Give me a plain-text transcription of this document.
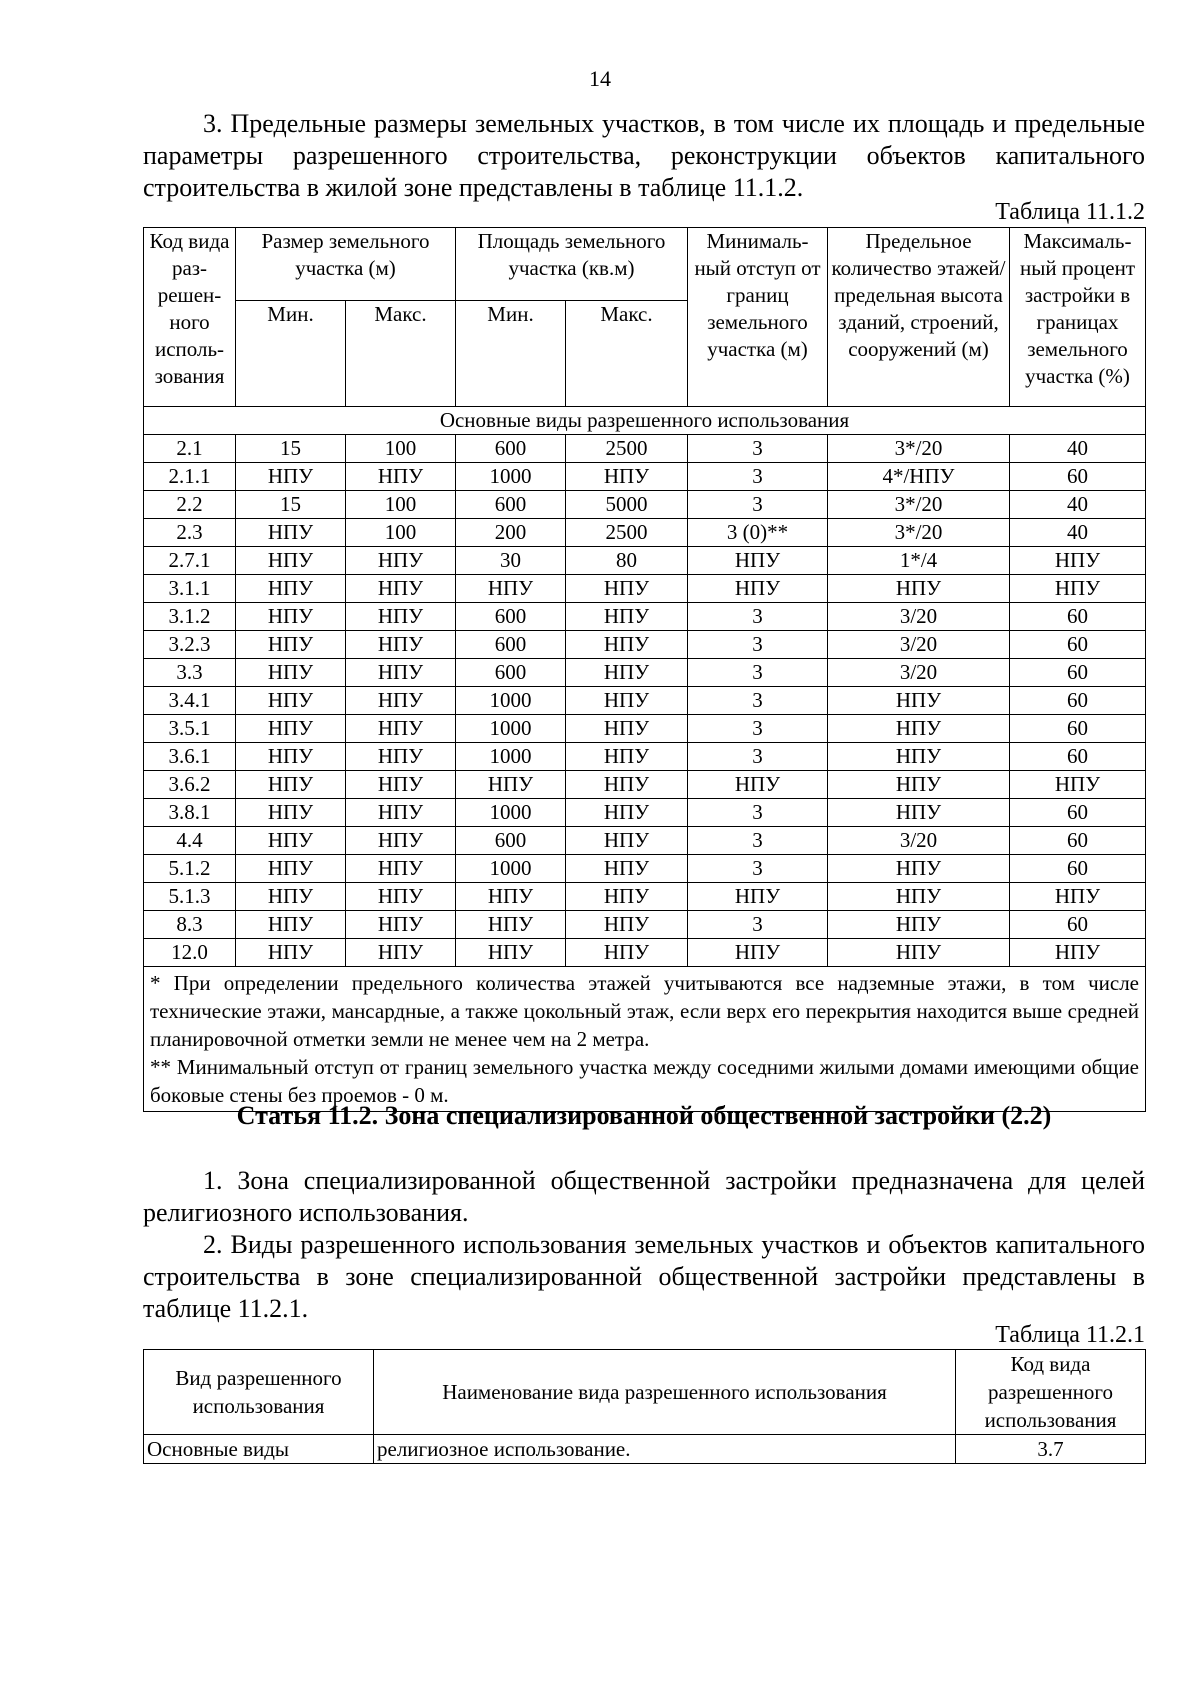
14
3. Предельные размеры земельных участков, в том числе их площадь и предельные параметры разрешенного строительства, реконструкции объектов капитального строительства в жилой зоне представлены в таблице 11.1.2.
Таблица 11.1.2
Код вида раз-решен-ного исполь-зования	Размер земельного участка (м)		Площадь земельного участка (кв.м)		Минималь-ный отступ от границ земельного участка (м)	Предельное количество этажей/ предельная высота зданий, строений, сооружений (м)	Максималь-ный процент застройки в границах земельного участка (%)
	Мин.	Макс.	Мин.	Макс.			
Основные виды разрешенного использования							
2.1	15	100	600	2500	3	3*/20	40
2.1.1	НПУ	НПУ	1000	НПУ	3	4*/НПУ	60
2.2	15	100	600	5000	3	3*/20	40
2.3	НПУ	100	200	2500	3 (0)**	3*/20	40
2.7.1	НПУ	НПУ	30	80	НПУ	1*/4	НПУ
3.1.1	НПУ	НПУ	НПУ	НПУ	НПУ	НПУ	НПУ
3.1.2	НПУ	НПУ	600	НПУ	3	3/20	60
3.2.3	НПУ	НПУ	600	НПУ	3	3/20	60
3.3	НПУ	НПУ	600	НПУ	3	3/20	60
3.4.1	НПУ	НПУ	1000	НПУ	3	НПУ	60
3.5.1	НПУ	НПУ	1000	НПУ	3	НПУ	60
3.6.1	НПУ	НПУ	1000	НПУ	3	НПУ	60
3.6.2	НПУ	НПУ	НПУ	НПУ	НПУ	НПУ	НПУ
3.8.1	НПУ	НПУ	1000	НПУ	3	НПУ	60
4.4	НПУ	НПУ	600	НПУ	3	3/20	60
5.1.2	НПУ	НПУ	1000	НПУ	3	НПУ	60
5.1.3	НПУ	НПУ	НПУ	НПУ	НПУ	НПУ	НПУ
8.3	НПУ	НПУ	НПУ	НПУ	3	НПУ	60
12.0	НПУ	НПУ	НПУ	НПУ	НПУ	НПУ	НПУ

* При определении предельного количества этажей учитываются все надземные этажи, в том числе технические этажи, мансардные, а также цокольный этаж, если верх его перекрытия находится выше средней планировочной отметки земли не менее чем на 2 метра.
** Минимальный отступ от границ земельного участка между соседними жилыми домами имеющими общие боковые стены без проемов - 0 м.							
Статья 11.2. Зона специализированной общественной застройки (2.2)
1. Зона специализированной общественной застройки предназначена для целей религиозного использования.
2. Виды разрешенного использования земельных участков и объектов капитального строительства в зоне специализированной общественной застройки представлены в таблице 11.2.1.
Таблица 11.2.1
Вид разрешенного использования	Наименование вида разрешенного использования	Код вида разрешенного использования
Основные виды	религиозное использование.	3.7
